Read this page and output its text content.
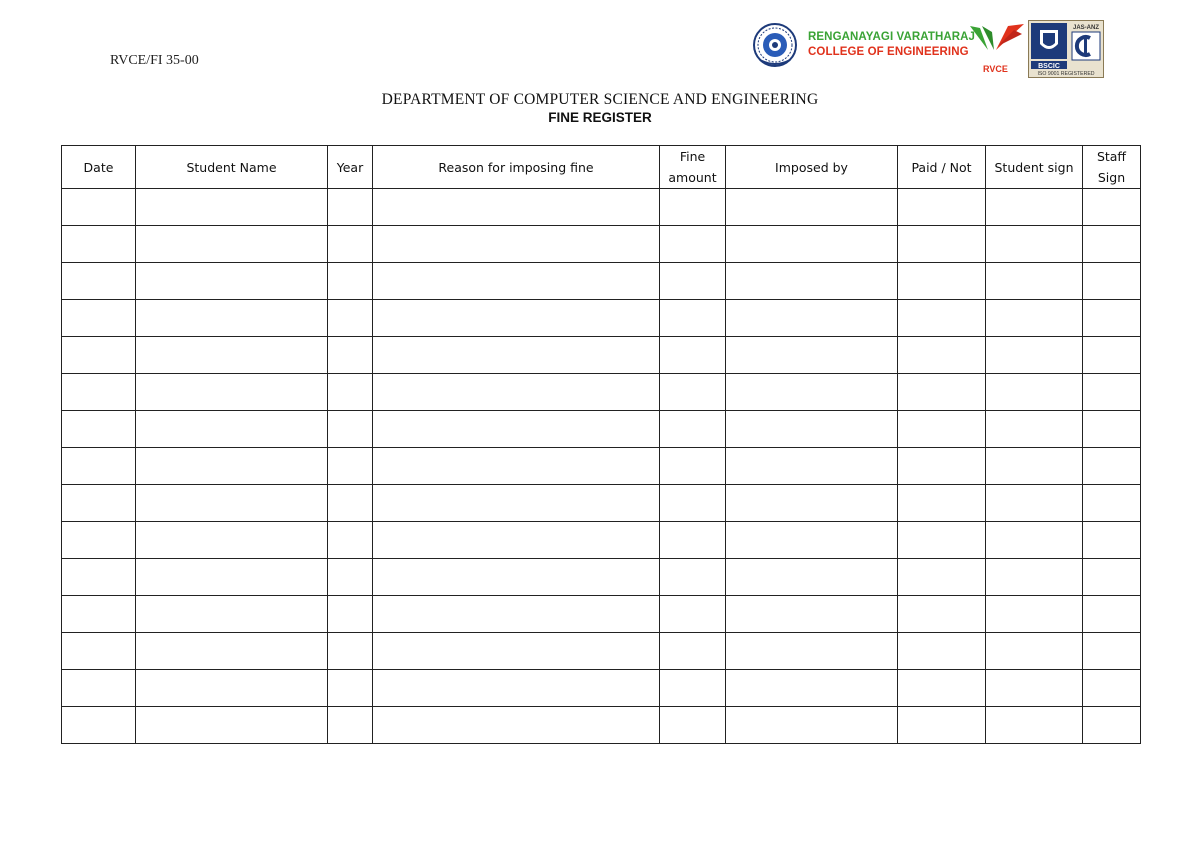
RVCE/FI 35-00
RENGANAYAGI VARATHARAJ
COLLEGE OF ENGINEERING
RVCE	BSCIC
JAS-ANZ
ISO 9001 REGISTERED
DEPARTMENT OF COMPUTER SCIENCE AND ENGINEERING
FINE REGISTER
Date	Student Name	Year	Reason for imposing fine	Fine amount	Imposed by	Paid / Not	Student sign	Staff Sign
